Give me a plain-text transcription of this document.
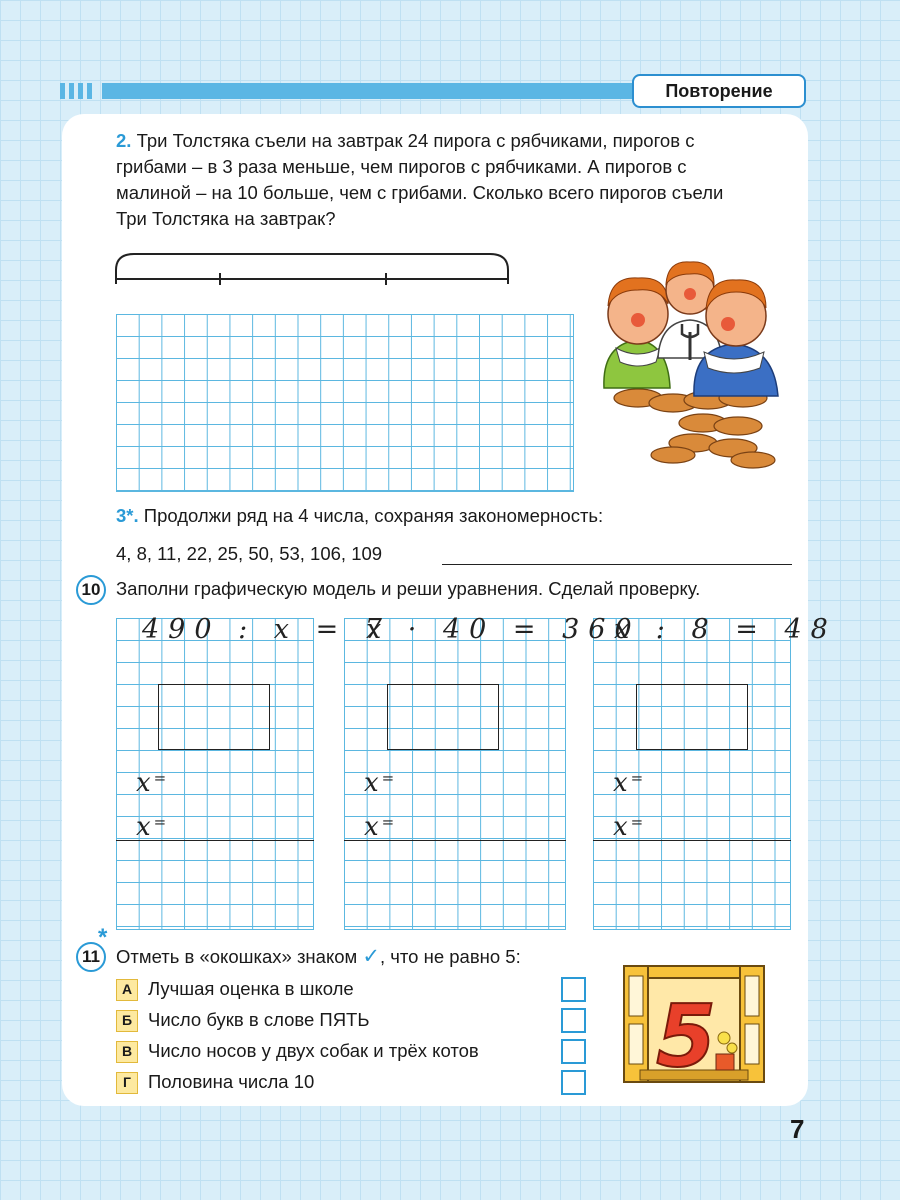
Повторение
2. Три Толстяка съели на завтрак 24 пирога с рябчиками, пирогов с
грибами – в 3 раза меньше, чем пирогов с рябчиками. А пирогов с
малиной – на 10 больше, чем с грибами. Сколько всего пирогов съели
Три Толстяка на завтрак?
3*. Продолжи ряд на 4 числа, сохраняя закономерность:
4, 8, 11, 22, 25, 50, 53, 106, 109
10 Заполни графическую модель и реши уравнения. Сделай проверку.
490 : x = 7
x · 40 = 360
x : 8 = 48
x =	x =	x =
x =	x =	x =
11
*
Отметь в «окошках» знаком ✓, что не равно 5:
А Лучшая оценка в школе
Б Число букв в слове ПЯТЬ
В Число носов у двух собак и трёх котов
Г Половина числа 10	5
7
